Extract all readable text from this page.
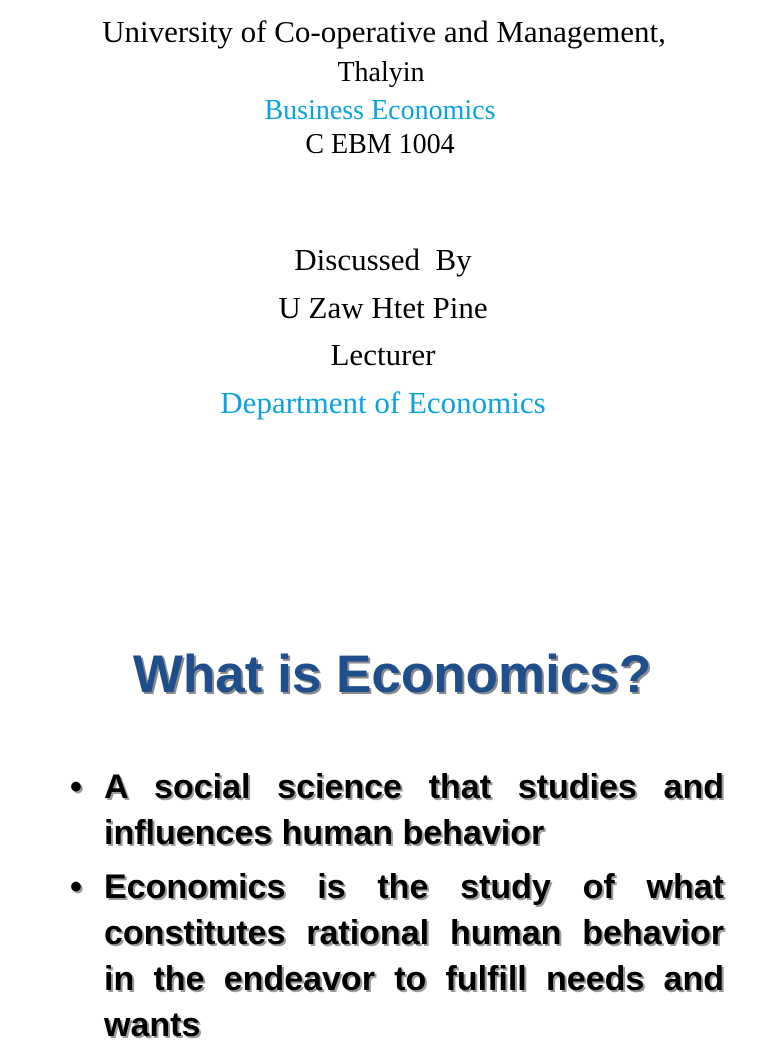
University of Co-operative and Management,
Thalyin
Business Economics
C EBM 1004
Discussed  By
U Zaw Htet Pine
Lecturer
Department of Economics
What is Economics?
• A social science that studies and influences human behavior
• Economics is the study of what constitutes rational human behavior in the endeavor to fulfill needs and wants
